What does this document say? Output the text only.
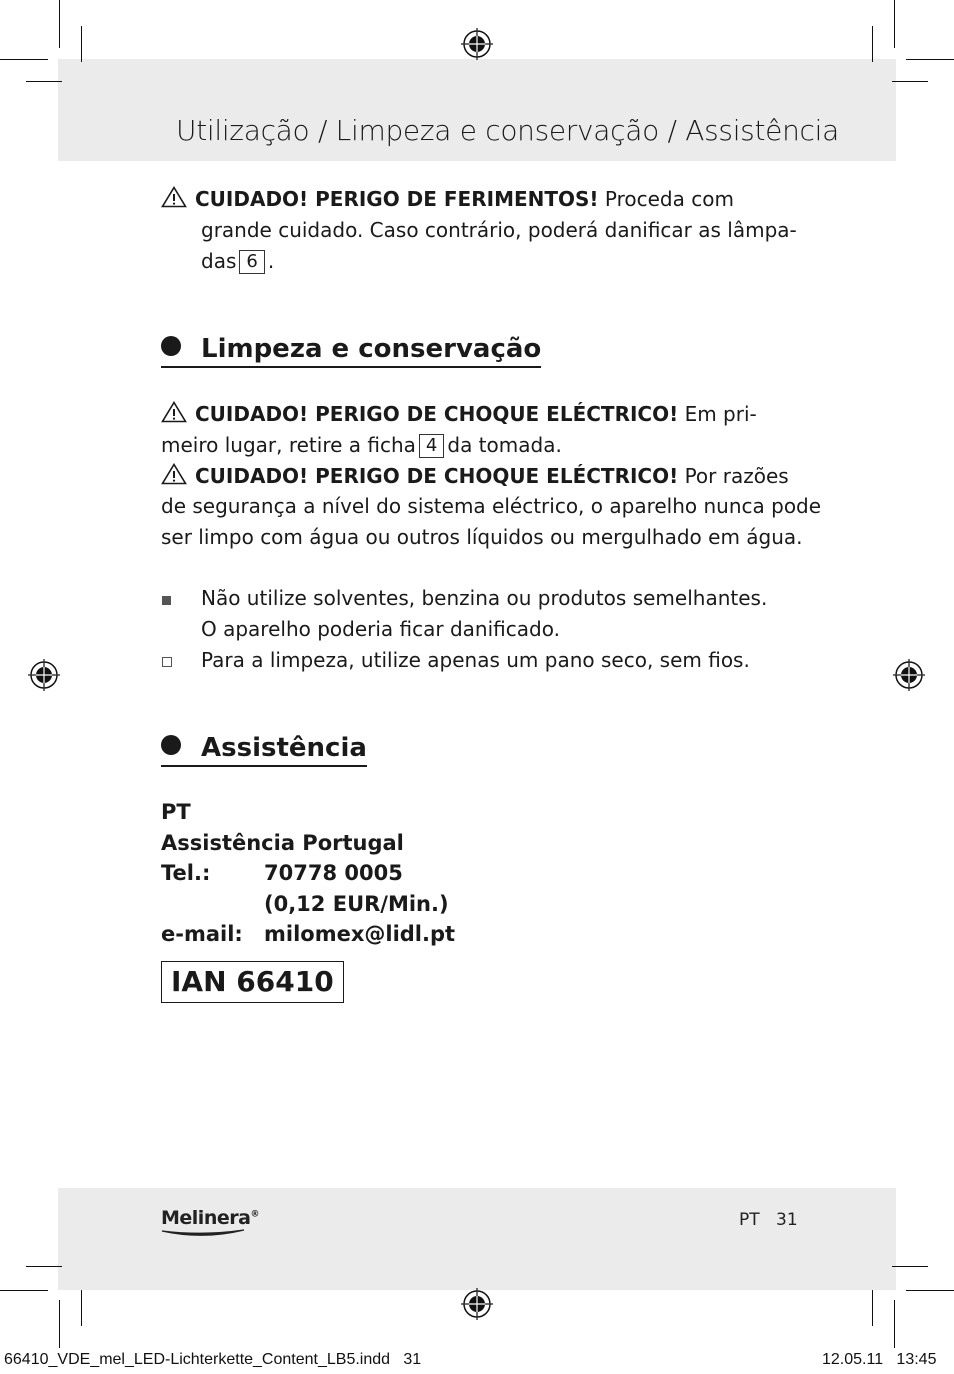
Utilização / Limpeza e conservação / Assistência
CUIDADO! PERIGO DE FERIMENTOS! Proceda com
grande cuidado. Caso contrário, poderá danificar as lâmpa-
das 6 .
Limpeza e conservação
CUIDADO! PERIGO DE CHOQUE ELÉCTRICO! Em pri-
meiro lugar, retire a ficha 4 da tomada.
CUIDADO! PERIGO DE CHOQUE ELÉCTRICO! Por razões
de segurança a nível do sistema eléctrico, o aparelho nunca pode
ser limpo com água ou outros líquidos ou mergulhado em água.
Não utilize solventes, benzina ou produtos semelhantes.
O aparelho poderia ficar danificado.
Para a limpeza, utilize apenas um pano seco, sem fios.
Assistência
PT
Assistência Portugal
Tel.:	70778 0005
(0,12 EUR/Min.)
e-mail: milomex@lidl.pt
IAN 66410
Melinera®	PT 31
66410_VDE_mel_LED-Lichterkette_Content_LB5.indd   31	12.05.11   13:45
